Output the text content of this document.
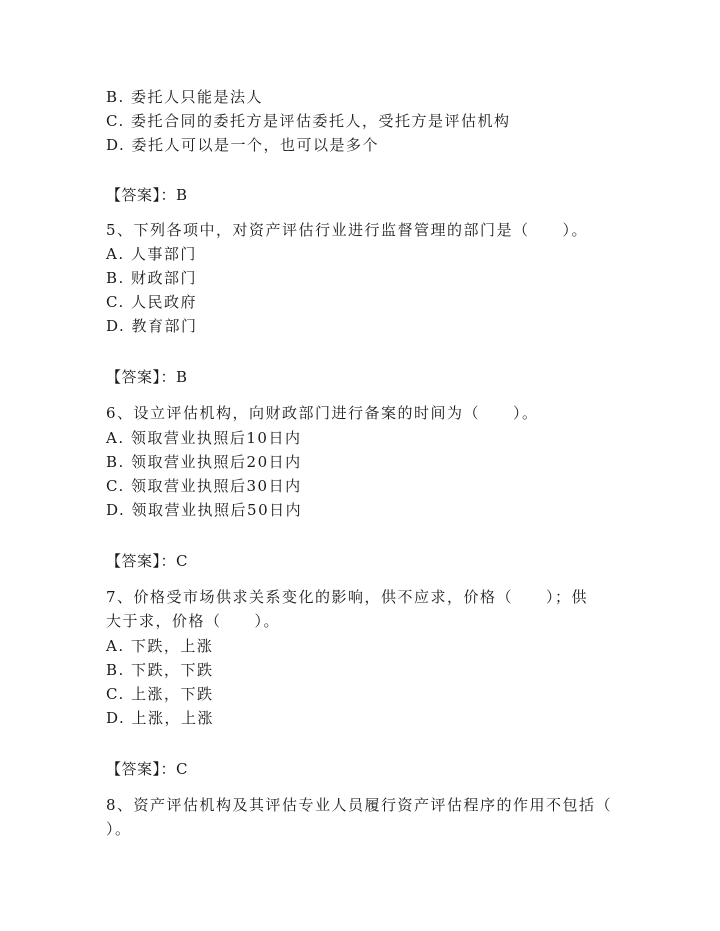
B. 委托人只能是法人
C. 委托合同的委托方是评估委托人，受托方是评估机构
D. 委托人可以是一个，也可以是多个
【答案】：B
5、下列各项中，对资产评估行业进行监督管理的部门是（　　）。
A. 人事部门
B. 财政部门
C. 人民政府
D. 教育部门
【答案】：B
6、设立评估机构，向财政部门进行备案的时间为（　　）。
A. 领取营业执照后10日内
B. 领取营业执照后20日内
C. 领取营业执照后30日内
D. 领取营业执照后50日内
【答案】：C
7、价格受市场供求关系变化的影响，供不应求，价格（　　）；供
大于求，价格（　　）。
A. 下跌，上涨
B. 下跌，下跌
C. 上涨，下跌
D. 上涨，上涨
【答案】：C
8、资产评估机构及其评估专业人员履行资产评估程序的作用不包括（
）。
